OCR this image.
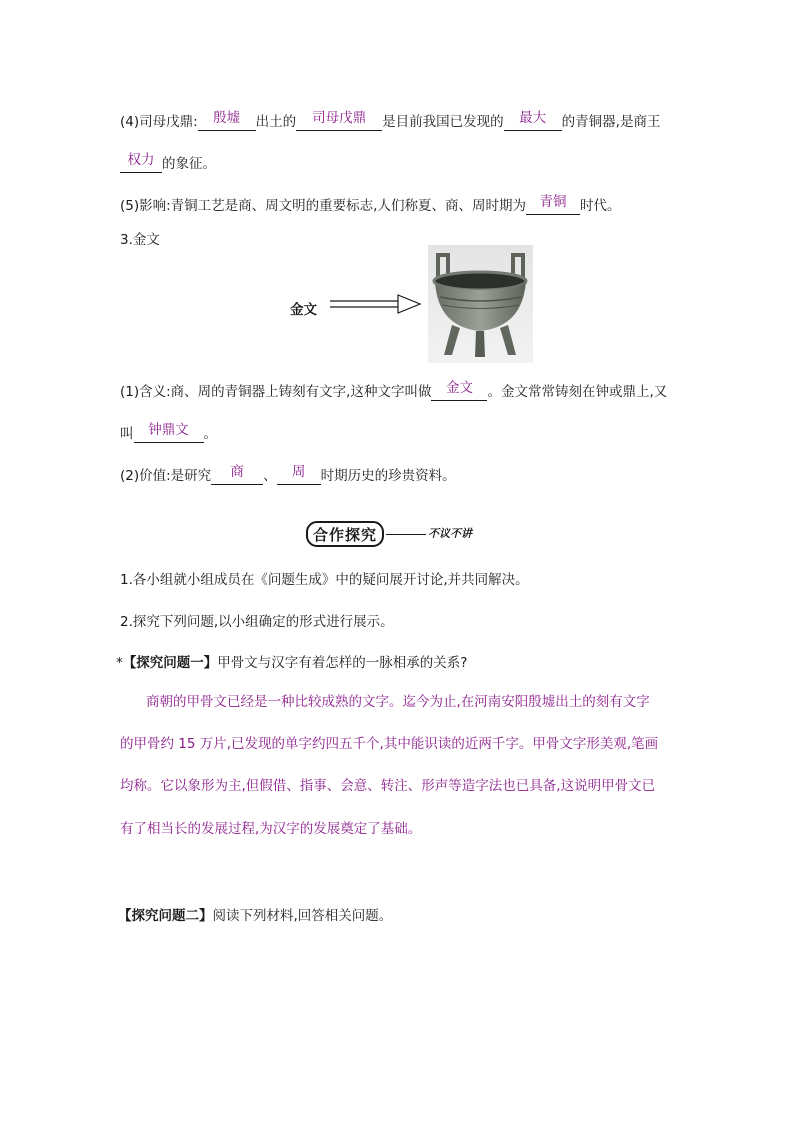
(4)司母戊鼎: 殷墟 出土的 司母戊鼎 是目前我国已发现的 最大 的青铜器,是商王
权力 的象征。
(5)影响:青铜工艺是商、周文明的重要标志,人们称夏、商、周时期为 青铜 时代。
3.金文
金文
(1)含义:商、周的青铜器上铸刻有文字,这种文字叫做 金文 。金文常常铸刻在钟或鼎上,又
叫 钟鼎文 。
(2)价值:是研究 商 、 周 时期历史的珍贵资料。
合作探究	不议不讲
1.各小组就小组成员在《问题生成》中的疑问展开讨论,并共同解决。
2.探究下列问题,以小组确定的形式进行展示。
*【探究问题一】甲骨文与汉字有着怎样的一脉相承的关系?
商朝的甲骨文已经是一种比较成熟的文字。迄今为止,在河南安阳殷墟出土的刻有文字
的甲骨约 15 万片,已发现的单字约四五千个,其中能识读的近两千字。甲骨文字形美观,笔画
均称。它以象形为主,但假借、指事、会意、转注、形声等造字法也已具备,这说明甲骨文已
有了相当长的发展过程,为汉字的发展奠定了基础。
【探究问题二】阅读下列材料,回答相关问题。
